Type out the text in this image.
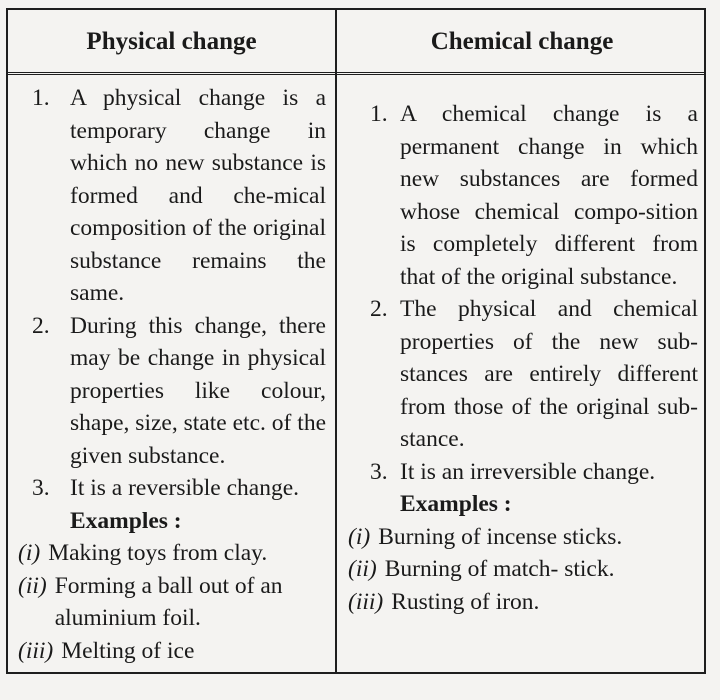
Physical change	Chemical change
1. A physical change is a temporary change in which no new substance is formed and che-mical composition of the original substance remains the same.
2. During this change, there may be change in physical properties like colour, shape, size, state etc. of the given substance.
3. It is a reversible change.
Examples :
(i) Making toys from clay.
(ii) Forming a ball out of an aluminium foil.
(iii) Melting of ice
1. A chemical change is a permanent change in which new substances are formed whose chemical compo-sition is completely different from that of the original substance.
2. The physical and chemical properties of the new sub-stances are entirely different from those of the original sub-stance.
3. It is an irreversible change.
Examples :
(i) Burning of incense sticks.
(ii) Burning of match- stick.
(iii) Rusting of iron.
